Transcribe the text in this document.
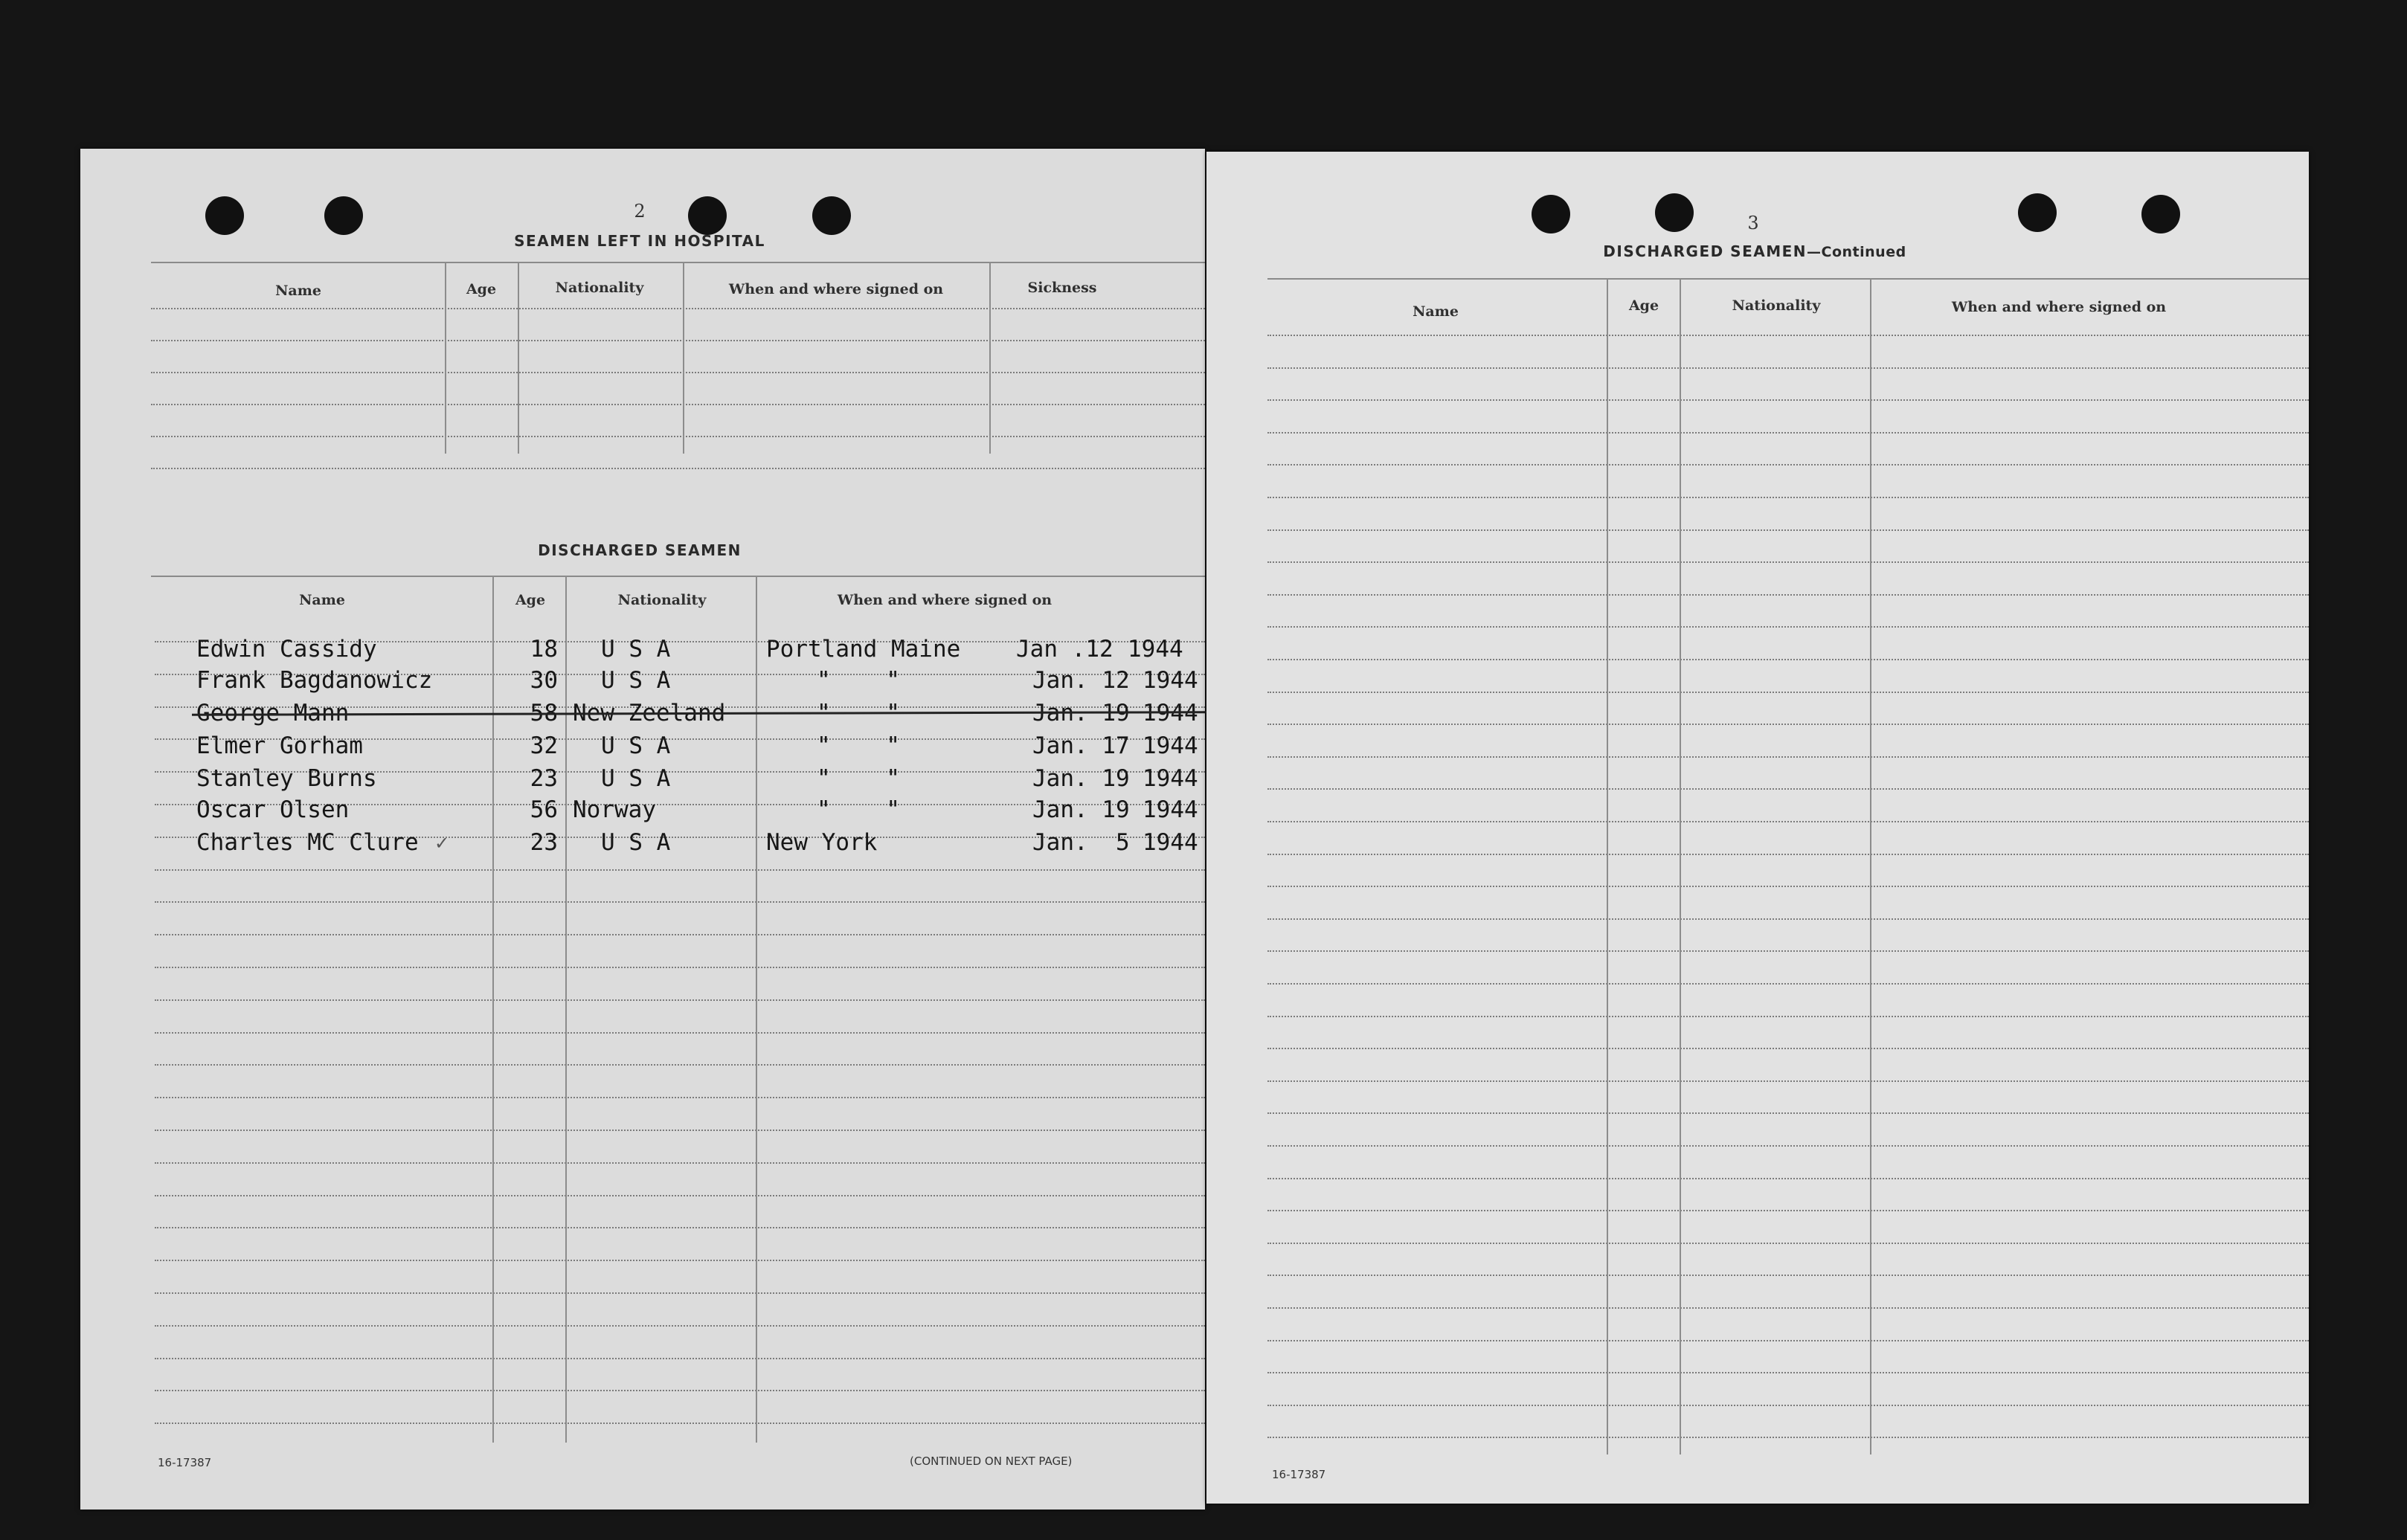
2
SEAMEN LEFT IN HOSPITAL
Name	Age	Nationality	When and where signed on	Sickness
DISCHARGED SEAMEN
Name	Age	Nationality	When and where signed on
Edwin Cassidy	18 U S A	Portland Maine Jan .12 1944
Frank Bagdanowicz	30 U S A	"    "	Jan. 12 1944
George Mann	58 New Zeeland	"    "	Jan. 19 1944
Elmer Gorham	32 U S A	"    "	Jan. 17 1944
Stanley Burns	23 U S A	"    "	Jan. 19 1944
Oscar Olsen	56 Norway	"    "	Jan. 19 1944
Charles MC Clure	23 U S A	New York	Jan.  5 1944
✓
16-17387	(CONTINUED ON NEXT PAGE)
3
DISCHARGED SEAMEN—Continued
Name	Age	Nationality	When and where signed on
16-17387
